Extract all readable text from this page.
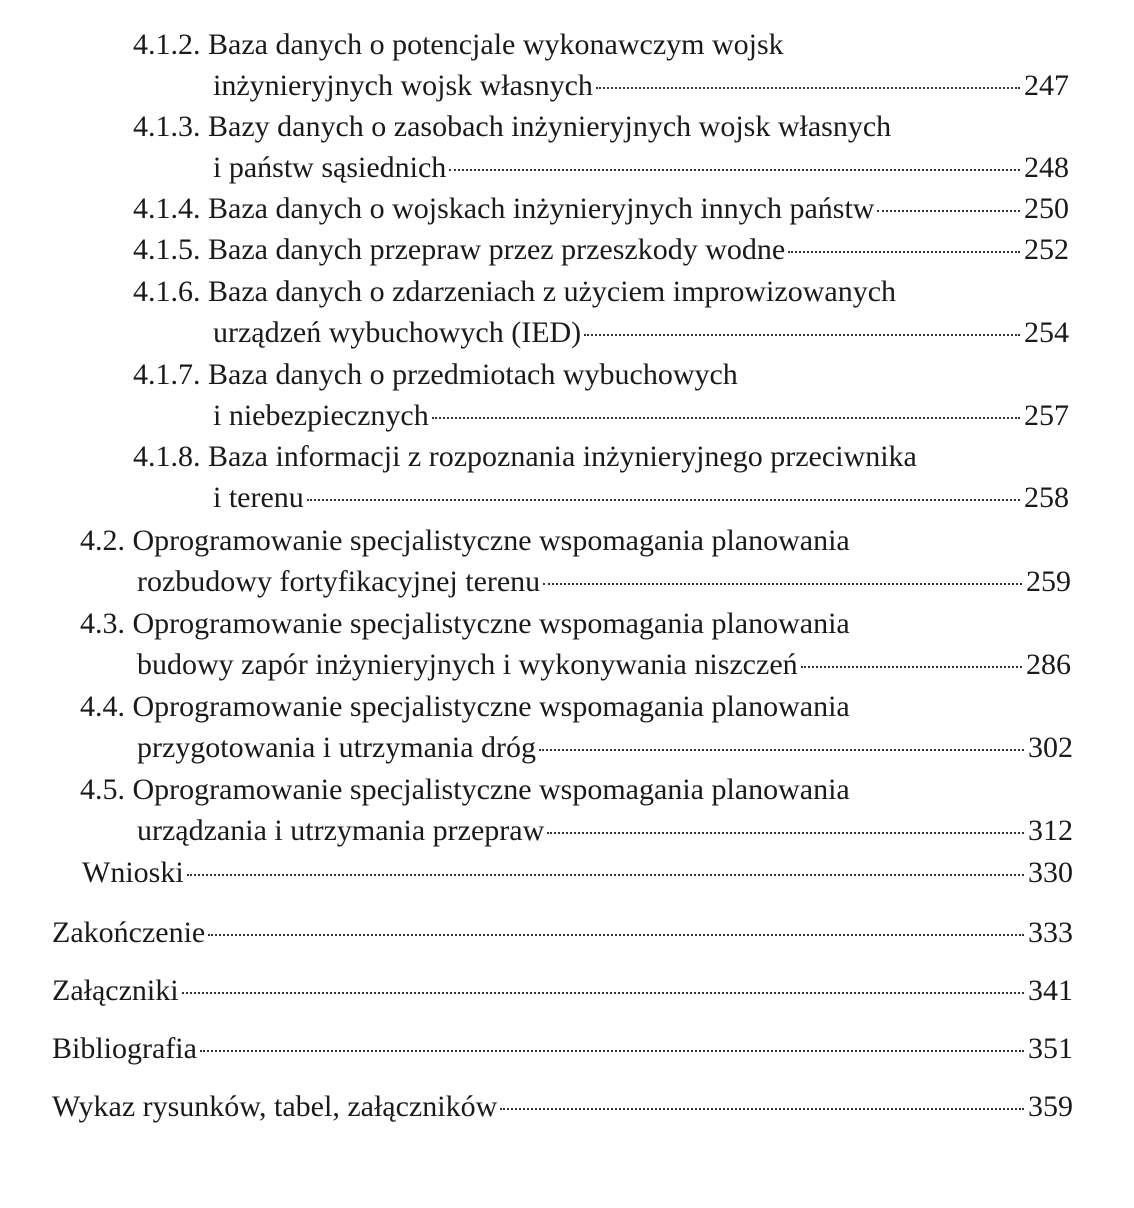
4.1.2. Baza danych o potencjale wykonawczym wojsk
inżynieryjnych wojsk własnych	247
4.1.3. Bazy danych o zasobach inżynieryjnych wojsk własnych
i państw sąsiednich	248
4.1.4.
Baza danych o wojskach inżynieryjnych innych państw	250
4.1.5.
Baza danych przepraw przez przeszkody wodne	252
4.1.6. Baza danych o zdarzeniach z użyciem improwizowanych
urządzeń wybuchowych (IED)	254
4.1.7. Baza danych o przedmiotach wybuchowych
i niebezpiecznych	257
4.1.8. Baza informacji z rozpoznania inżynieryjnego przeciwnika
i terenu	258
4.2. Oprogramowanie specjalistyczne wspomagania planowania
rozbudowy fortyfikacyjnej terenu	259
4.3. Oprogramowanie specjalistyczne wspomagania planowania
budowy zapór inżynieryjnych i wykonywania niszczeń	286
4.4. Oprogramowanie specjalistyczne wspomagania planowania
przygotowania i utrzymania dróg	302
4.5. Oprogramowanie specjalistyczne wspomagania planowania
urządzania i utrzymania przepraw	312
Wnioski	330
Zakończenie	333
Załączniki	341
Bibliografia	351
Wykaz rysunków, tabel, załączników	359
